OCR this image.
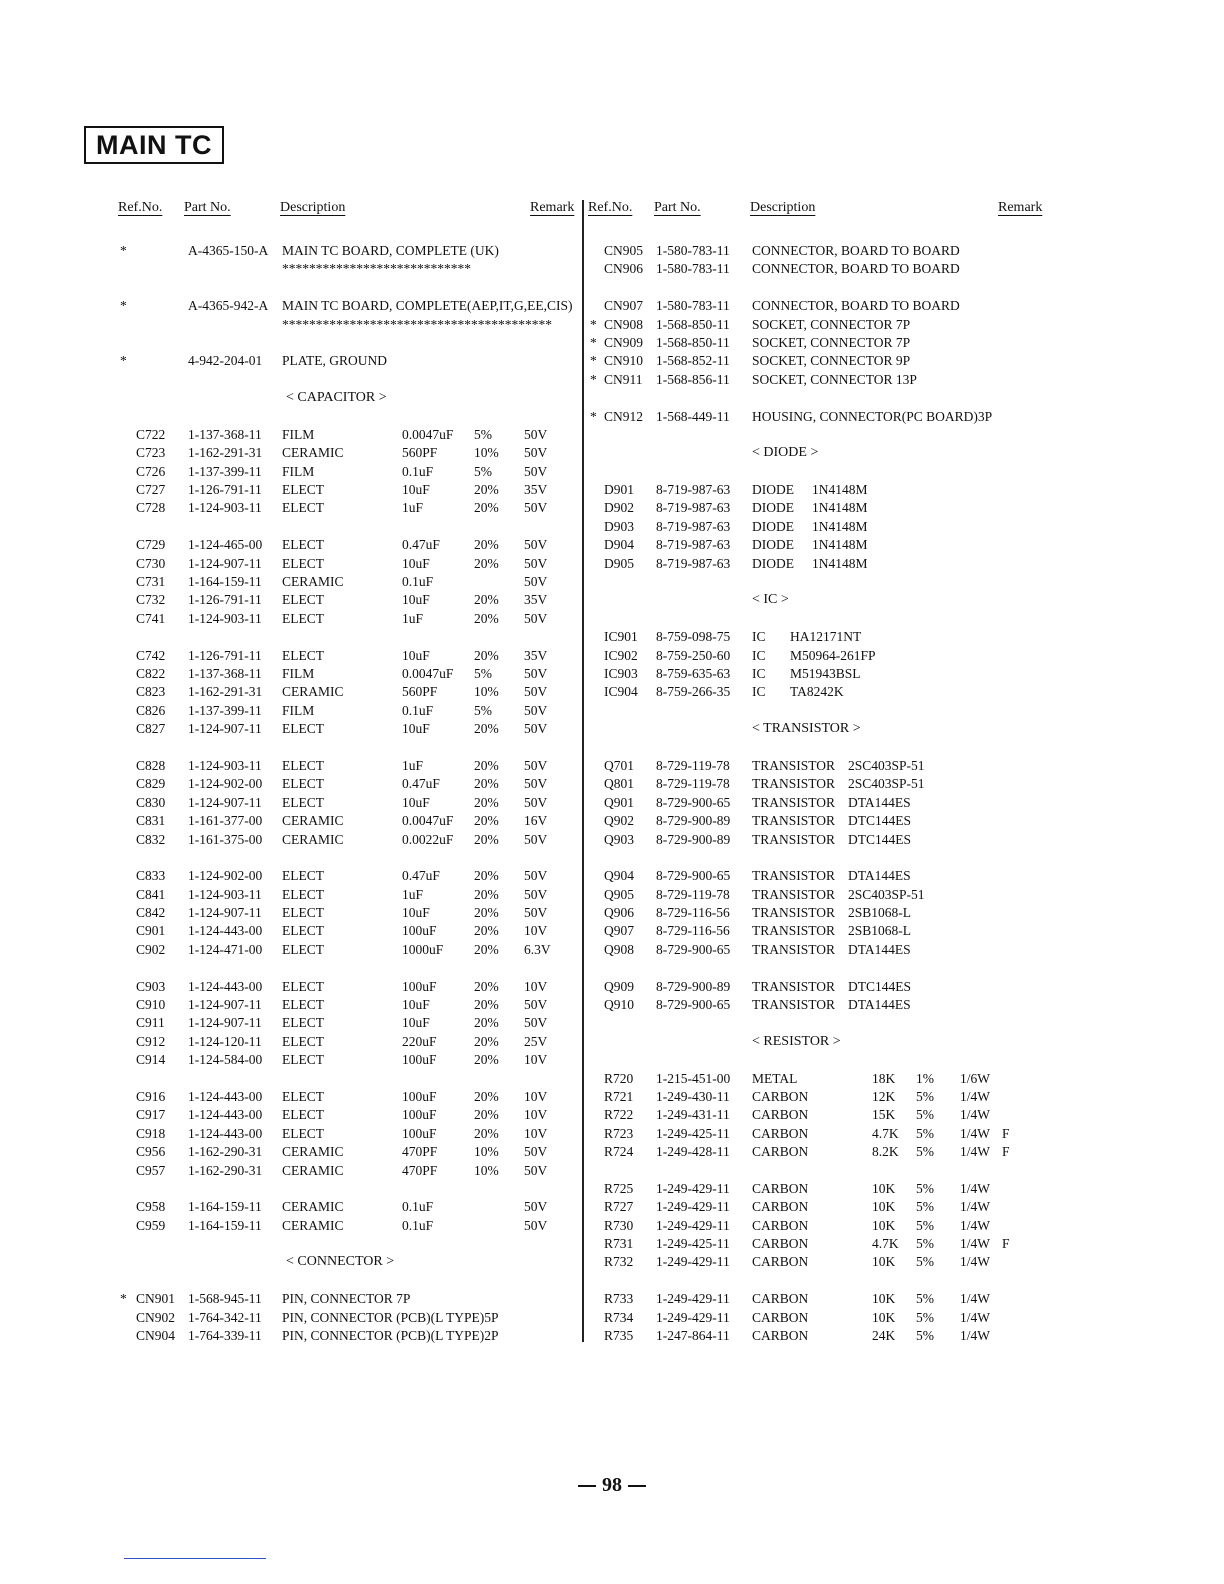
MAIN TC
Ref.No. Part No.	Description	Remark
*	A-4365-150-A MAIN TC BOARD, COMPLETE (UK)
****************************
*	A-4365-942-A MAIN TC BOARD, COMPLETE(AEP,IT,G,EE,CIS)
****************************************
*	4-942-204-01 PLATE, GROUND
< CAPACITOR >
C722 1-137-368-11 FILM	0.0047uF 5% 50V
C723 1-162-291-31 CERAMIC	560PF	10% 50V
C726 1-137-399-11 FILM	0.1uF	5% 50V
C727 1-126-791-11 ELECT	10uF	20% 35V
C728 1-124-903-11 ELECT	1uF	20% 50V
C729 1-124-465-00 ELECT	0.47uF	20% 50V
C730 1-124-907-11 ELECT	10uF	20% 50V
C731 1-164-159-11 CERAMIC	0.1uF	50V
C732 1-126-791-11 ELECT	10uF	20% 35V
C741 1-124-903-11 ELECT	1uF	20% 50V
C742 1-126-791-11 ELECT	10uF	20% 35V
C822 1-137-368-11 FILM	0.0047uF 5% 50V
C823 1-162-291-31 CERAMIC	560PF	10% 50V
C826 1-137-399-11 FILM	0.1uF	5% 50V
C827 1-124-907-11 ELECT	10uF	20% 50V
C828 1-124-903-11 ELECT	1uF	20% 50V
C829 1-124-902-00 ELECT	0.47uF	20% 50V
C830 1-124-907-11 ELECT	10uF	20% 50V
C831 1-161-377-00 CERAMIC	0.0047uF 20% 16V
C832 1-161-375-00 CERAMIC	0.0022uF 20% 50V
C833 1-124-902-00 ELECT	0.47uF	20% 50V
C841 1-124-903-11 ELECT	1uF	20% 50V
C842 1-124-907-11 ELECT	10uF	20% 50V
C901 1-124-443-00 ELECT	100uF	20% 10V
C902 1-124-471-00 ELECT	1000uF 20% 6.3V
C903 1-124-443-00 ELECT	100uF	20% 10V
C910 1-124-907-11 ELECT	10uF	20% 50V
C911 1-124-907-11 ELECT	10uF	20% 50V
C912 1-124-120-11 ELECT	220uF	20% 25V
C914 1-124-584-00 ELECT	100uF	20% 10V
C916 1-124-443-00 ELECT	100uF	20% 10V
C917 1-124-443-00 ELECT	100uF	20% 10V
C918 1-124-443-00 ELECT	100uF	20% 10V
C956 1-162-290-31 CERAMIC	470PF	10% 50V
C957 1-162-290-31 CERAMIC	470PF	10% 50V
C958 1-164-159-11 CERAMIC	0.1uF	50V
C959 1-164-159-11 CERAMIC	0.1uF	50V
< CONNECTOR >
* CN901 1-568-945-11 PIN, CONNECTOR 7P
CN902 1-764-342-11 PIN, CONNECTOR (PCB)(L TYPE)5P
CN904 1-764-339-11 PIN, CONNECTOR (PCB)(L TYPE)2P
Ref.No. Part No.	Description	Remark
CN905 1-580-783-11 CONNECTOR, BOARD TO BOARD
CN906 1-580-783-11 CONNECTOR, BOARD TO BOARD
CN907 1-580-783-11 CONNECTOR, BOARD TO BOARD
* CN908 1-568-850-11 SOCKET, CONNECTOR 7P
* CN909 1-568-850-11 SOCKET, CONNECTOR 7P
* CN910 1-568-852-11 SOCKET, CONNECTOR 9P
* CN911 1-568-856-11 SOCKET, CONNECTOR 13P
* CN912 1-568-449-11 HOUSING, CONNECTOR(PC BOARD)3P
< DIODE >
D901 8-719-987-63 DIODE 1N4148M
D902 8-719-987-63 DIODE 1N4148M
D903 8-719-987-63 DIODE 1N4148M
D904 8-719-987-63 DIODE 1N4148M
D905 8-719-987-63 DIODE 1N4148M
< IC >
IC901 8-759-098-75 IC HA12171NT
IC902 8-759-250-60 IC M50964-261FP
IC903 8-759-635-63 IC M51943BSL
IC904 8-759-266-35 IC TA8242K
< TRANSISTOR >
Q701 8-729-119-78 TRANSISTOR 2SC403SP-51
Q801 8-729-119-78 TRANSISTOR 2SC403SP-51
Q901 8-729-900-65 TRANSISTOR DTA144ES
Q902 8-729-900-89 TRANSISTOR DTC144ES
Q903 8-729-900-89 TRANSISTOR DTC144ES
Q904 8-729-900-65 TRANSISTOR DTA144ES
Q905 8-729-119-78 TRANSISTOR 2SC403SP-51
Q906 8-729-116-56 TRANSISTOR 2SB1068-L
Q907 8-729-116-56 TRANSISTOR 2SB1068-L
Q908 8-729-900-65 TRANSISTOR DTA144ES
Q909 8-729-900-89 TRANSISTOR DTC144ES
Q910 8-729-900-65 TRANSISTOR DTA144ES
< RESISTOR >
R720 1-215-451-00 METAL	18K 1% 1/6W
R721 1-249-430-11 CARBON	12K 5% 1/4W
R722 1-249-431-11 CARBON	15K 5% 1/4W
R723 1-249-425-11 CARBON	4.7K 5% 1/4W F
R724 1-249-428-11 CARBON	8.2K 5% 1/4W F
R725 1-249-429-11 CARBON	10K 5% 1/4W
R727 1-249-429-11 CARBON	10K 5% 1/4W
R730 1-249-429-11 CARBON	10K 5% 1/4W
R731 1-249-425-11 CARBON	4.7K 5% 1/4W F
R732 1-249-429-11 CARBON	10K 5% 1/4W
R733 1-249-429-11 CARBON	10K 5% 1/4W
R734 1-249-429-11 CARBON	10K 5% 1/4W
R735 1-247-864-11 CARBON	24K 5% 1/4W
98
